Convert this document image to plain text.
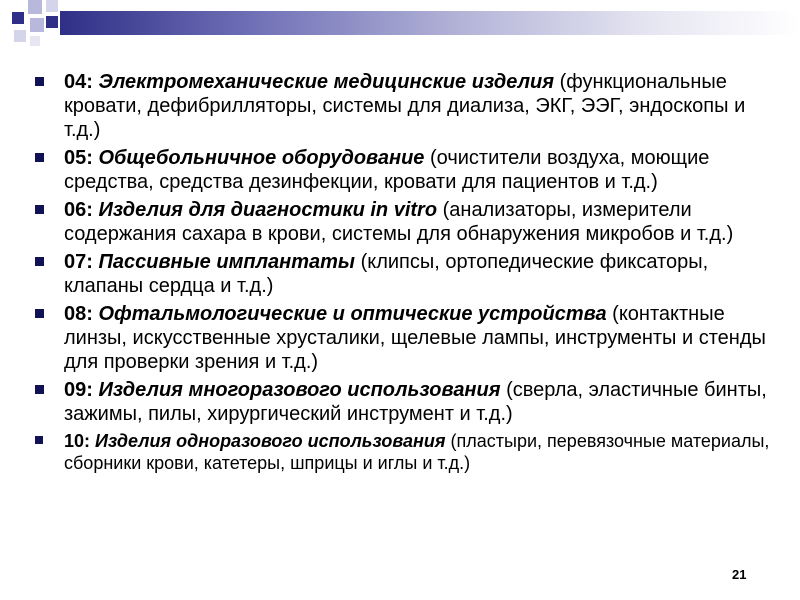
04: Электромеханические медицинские изделия (функциональные кровати, дефибрилляторы, системы для диализа, ЭКГ, ЭЭГ, эндоскопы и т.д.)
05: Общебольничное оборудование (очистители воздуха, моющие средства, средства дезинфекции, кровати для пациентов и т.д.)
06: Изделия для диагностики in vitro (анализаторы, измерители содержания сахара в крови, системы для обнаружения микробов и т.д.)
07: Пассивные имплантаты (клипсы, ортопедические фиксаторы, клапаны сердца и т.д.)
08: Офтальмологические и оптические устройства (контактные линзы, искусственные хрусталики, щелевые лампы, инструменты и стенды для проверки зрения и т.д.)
09: Изделия многоразового использования (сверла, эластичные бинты, зажимы, пилы, хирургический инструмент и т.д.)
10: Изделия одноразового использования (пластыри, перевязочные материалы, сборники крови, катетеры, шприцы и иглы и т.д.)
21
